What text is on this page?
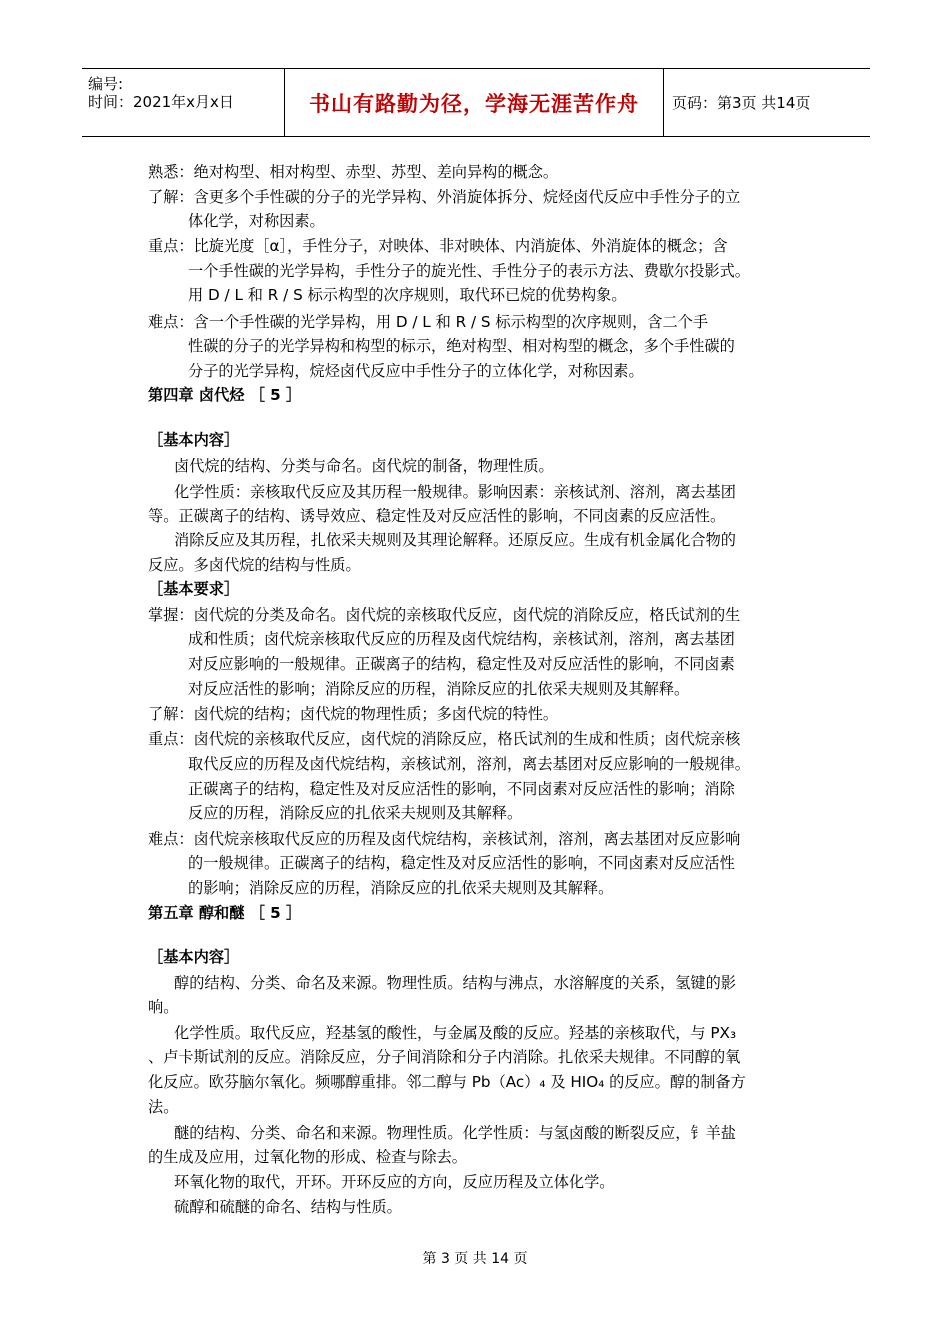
编号:
时间：2021年x月x日	书山有路勤为径，学海无涯苦作舟 页码：第3页 共14页
熟悉：绝对构型、相对构型、赤型、苏型、差向异构的概念。
了解：含更多个手性碳的分子的光学异构、外消旋体拆分、烷烃卤代反应中手性分子的立
体化学，对称因素。
重点：比旋光度［α］，手性分子，对映体、非对映体、内消旋体、外消旋体的概念；含
一个手性碳的光学异构，手性分子的旋光性、手性分子的表示方法、费歇尔投影式。
用 D / L 和 R / S 标示构型的次序规则，取代环已烷的优势构象。
难点：含一个手性碳的光学异构，用 D / L 和 R / S 标示构型的次序规则，含二个手
性碳的分子的光学异构和构型的标示，绝对构型、相对构型的概念，多个手性碳的
分子的光学异构，烷烃卤代反应中手性分子的立体化学，对称因素。
第四章 卤代烃 ［ 5 ］
［基本内容］
卤代烷的结构、分类与命名。卤代烷的制备，物理性质。
化学性质：亲核取代反应及其历程一般规律。影响因素：亲核试剂、溶剂，离去基团
等。正碳离子的结构、诱导效应、稳定性及对反应活性的影响，不同卤素的反应活性。
消除反应及其历程，扎依采夫规则及其理论解释。还原反应。生成有机金属化合物的
反应。多卤代烷的结构与性质。
［基本要求］
掌握：卤代烷的分类及命名。卤代烷的亲核取代反应，卤代烷的消除反应，格氏试剂的生
成和性质；卤代烷亲核取代反应的历程及卤代烷结构，亲核试剂，溶剂，离去基团
对反应影响的一般规律。正碳离子的结构，稳定性及对反应活性的影响，不同卤素
对反应活性的影响；消除反应的历程，消除反应的扎依采夫规则及其解释。
了解：卤代烷的结构；卤代烷的物理性质；多卤代烷的特性。
重点：卤代烷的亲核取代反应，卤代烷的消除反应，格氏试剂的生成和性质；卤代烷亲核
取代反应的历程及卤代烷结构，亲核试剂，溶剂，离去基团对反应影响的一般规律。
正碳离子的结构，稳定性及对反应活性的影响，不同卤素对反应活性的影响；消除
反应的历程，消除反应的扎依采夫规则及其解释。
难点：卤代烷亲核取代反应的历程及卤代烷结构，亲核试剂，溶剂，离去基团对反应影响
的一般规律。正碳离子的结构，稳定性及对反应活性的影响，不同卤素对反应活性
的影响；消除反应的历程，消除反应的扎依采夫规则及其解释。
第五章 醇和醚 ［ 5 ］
［基本内容］
醇的结构、分类、命名及来源。物理性质。结构与沸点，水溶解度的关系，氢键的影
响。
化学性质。取代反应，羟基氢的酸性，与金属及酸的反应。羟基的亲核取代，与 PX₃
、卢卡斯试剂的反应。消除反应，分子间消除和分子内消除。扎依采夫规律。不同醇的氧
化反应。欧芬脑尔氧化。频哪醇重排。邻二醇与 Pb（Ac）₄ 及 HIO₄ 的反应。醇的制备方
法。
醚的结构、分类、命名和来源。物理性质。化学性质：与氢卤酸的断裂反应，钅羊盐
的生成及应用，过氧化物的形成、检查与除去。
环氧化物的取代，开环。开环反应的方向，反应历程及立体化学。
硫醇和硫醚的命名、结构与性质。
第 3 页 共 14 页
